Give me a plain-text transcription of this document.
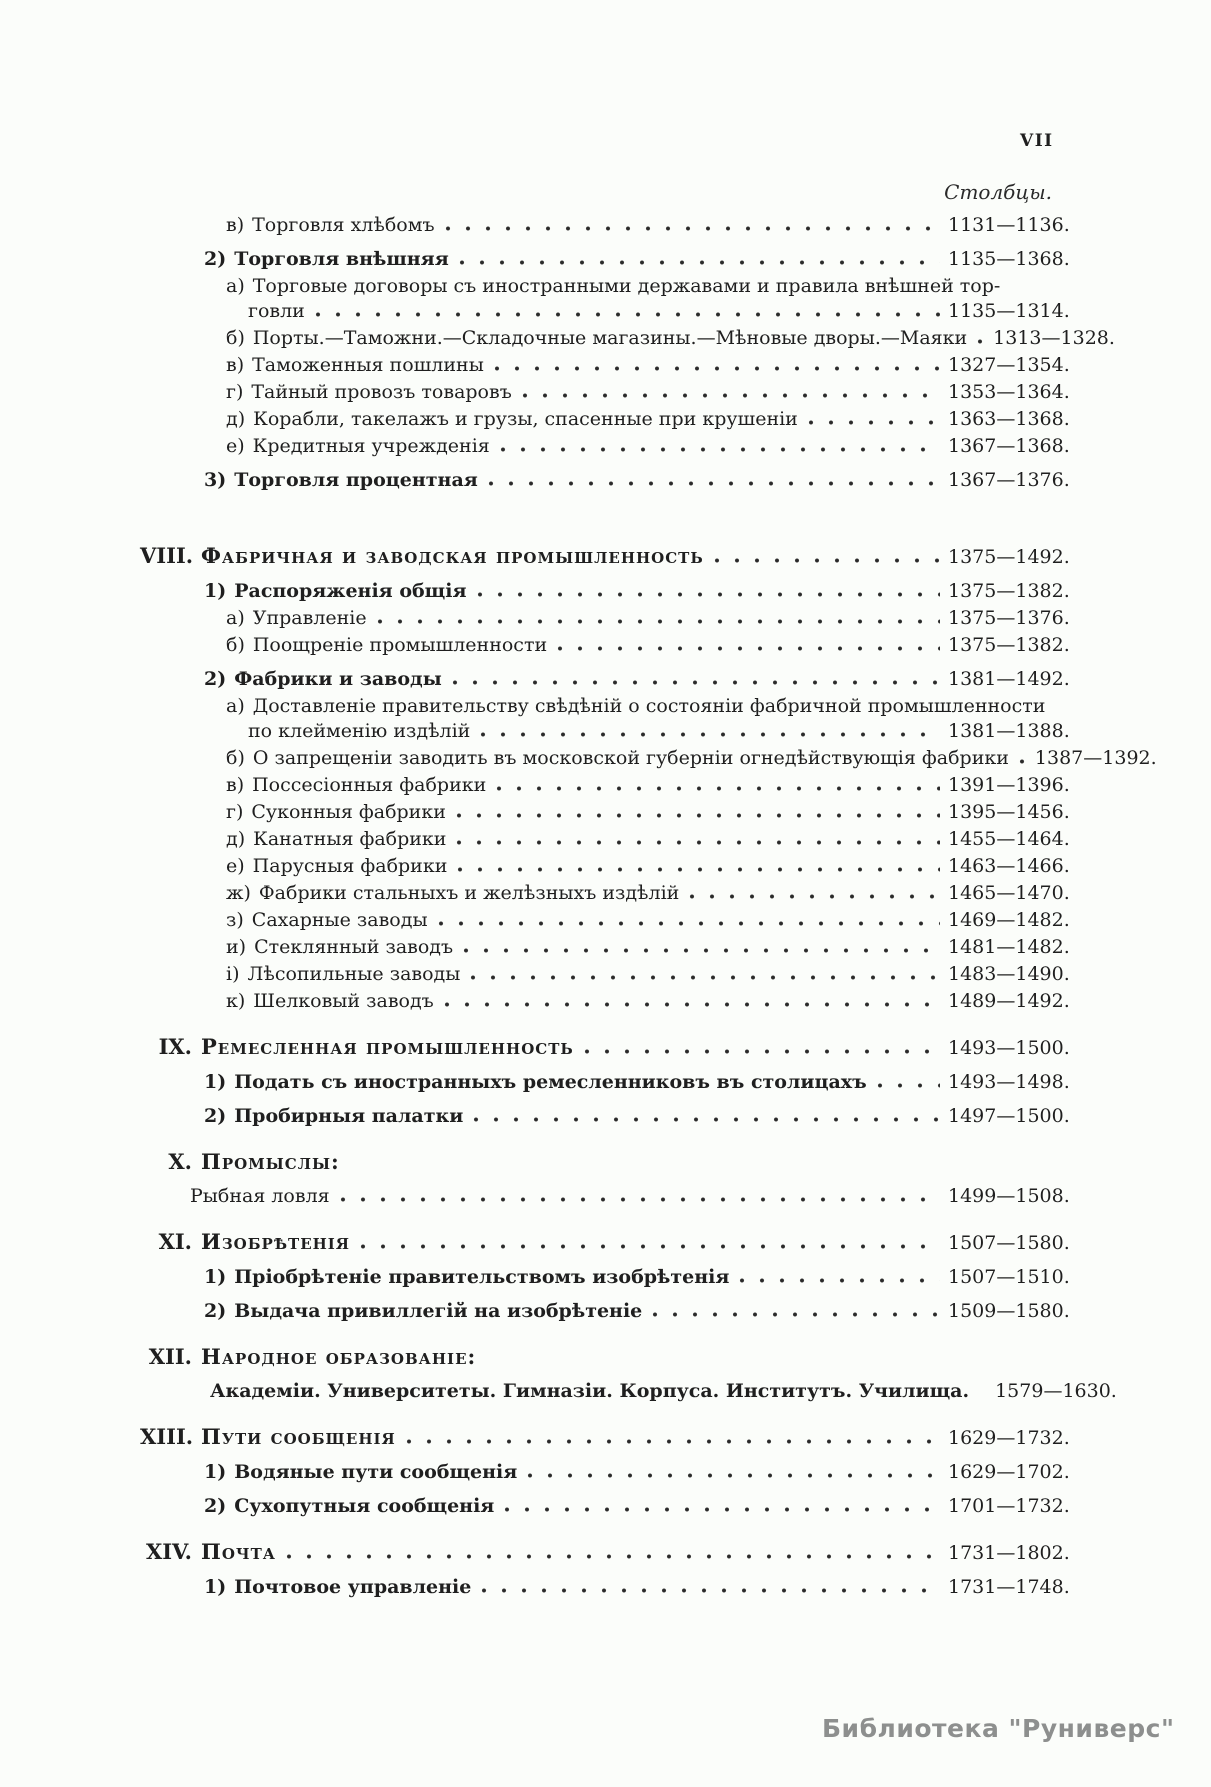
VII
Столбцы.
в) Торговля хлѣбомъ	1131—1136.
2) Торговля внѣшняя	1135—1368.
а) Торговые договоры съ иностранными державами и правила внѣшней тор-
говли	1135—1314.
б) Порты.—Таможни.—Складочные магазины.—Мѣновые дворы.—Маяки 1313—1328.
в) Таможенныя пошлины	1327—1354.
г) Тайный провозъ товаровъ	1353—1364.
д) Корабли, такелажъ и грузы, спасенные при крушеніи	1363—1368.
е) Кредитныя учрежденія	1367—1368.
3) Торговля процентная	1367—1376.
VIII. Фабричная и заводская промышленность	1375—1492.
1) Распоряженія общія	1375—1382.
а) Управленіе	1375—1376.
б) Поощреніе промышленности	1375—1382.
2) Фабрики и заводы	1381—1492.
а) Доставленіе правительству свѣдѣній о состояніи фабричной промышленности
по клейменію издѣлій	1381—1388.
б) О запрещеніи заводить въ московской губерніи огнедѣйствующія фабрики 1387—1392.
в) Поссесіонныя фабрики	1391—1396.
г) Суконныя фабрики	1395—1456.
д) Канатныя фабрики	1455—1464.
е) Парусныя фабрики	1463—1466.
ж) Фабрики стальныхъ и желѣзныхъ издѣлій	1465—1470.
з) Сахарные заводы	1469—1482.
и) Стеклянный заводъ	1481—1482.
і) Лѣсопильные заводы	1483—1490.
к) Шелковый заводъ	1489—1492.
IX. Ремесленная промышленность	1493—1500.
1) Подать съ иностранныхъ ремесленниковъ въ столицахъ	1493—1498.
2) Пробирныя палатки	1497—1500.
X. Промыслы:
Рыбная ловля	1499—1508.
XI. Изобрѣтенія	1507—1580.
1) Пріобрѣтеніе правительствомъ изобрѣтенія	1507—1510.
2) Выдача привиллегій на изобрѣтеніе	1509—1580.
XII. Народное образованіе:
Академіи. Университеты. Гимназіи. Корпуса. Институтъ. Училища. 1579—1630.
XIII. Пути сообщенія	1629—1732.
1) Водяные пути сообщенія	1629—1702.
2) Сухопутныя сообщенія	1701—1732.
XIV. Почта	1731—1802.
1) Почтовое управленіе	1731—1748.
Библиотека "Руниверс"
